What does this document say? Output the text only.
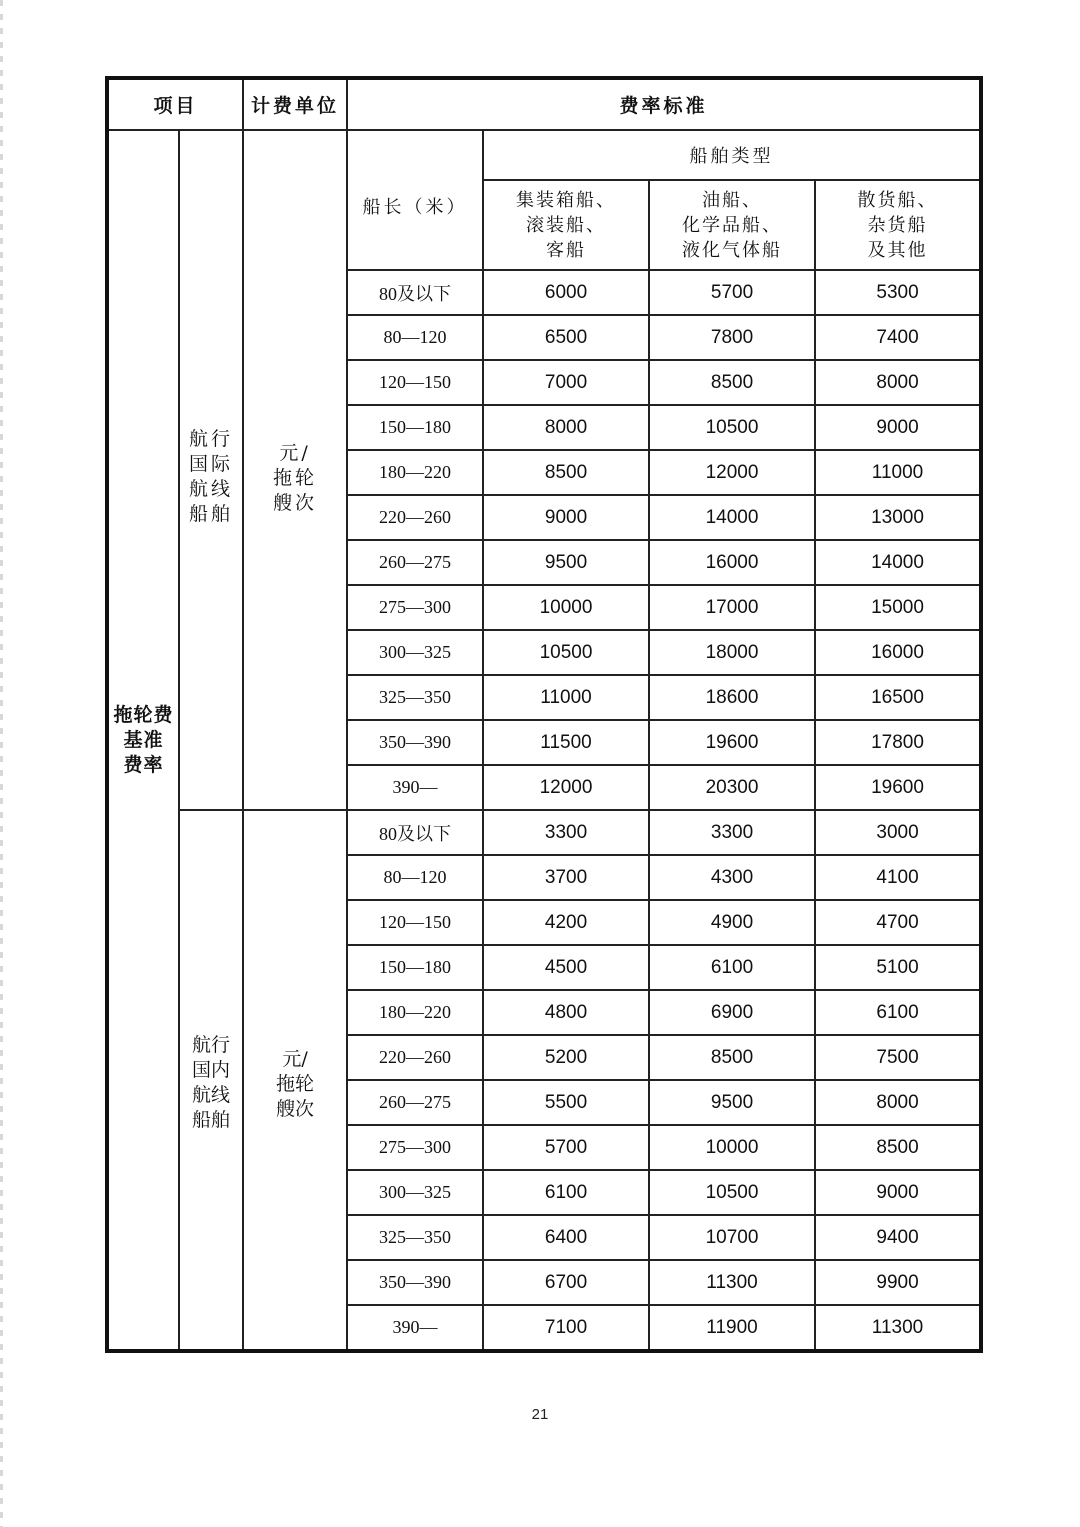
项目		计费单位	费率标准			

拖轮费
基准
费率	航行
国际
航线
船舶	元/
拖轮
艘次	船长（米）	船舶类型		

				集装箱船、
滚装船、
客船	油船、
化学品船、
液化气体船	散货船、
杂货船
及其他

			80及以下	6000	5700	5300
			80—120	6500	7800	7400
			120—150	7000	8500	8000
			150—180	8000	10500	9000
			180—220	8500	12000	11000
			220—260	9000	14000	13000
			260—275	9500	16000	14000
			275—300	10000	17000	15000
			300—325	10500	18000	16000
			325—350	11000	18600	16500
			350—390	11500	19600	17800
			390—	12000	20300	19600

	航行
国内
航线
船舶	元/
拖轮
艘次	80及以下	3300	3300	3000
			80—120	3700	4300	4100
			120—150	4200	4900	4700
			150—180	4500	6100	5100
			180—220	4800	6900	6100
			220—260	5200	8500	7500
			260—275	5500	9500	8000
			275—300	5700	10000	8500
			300—325	6100	10500	9000
			325—350	6400	10700	9400
			350—390	6700	11300	9900
			390—	7100	11900	11300
21
